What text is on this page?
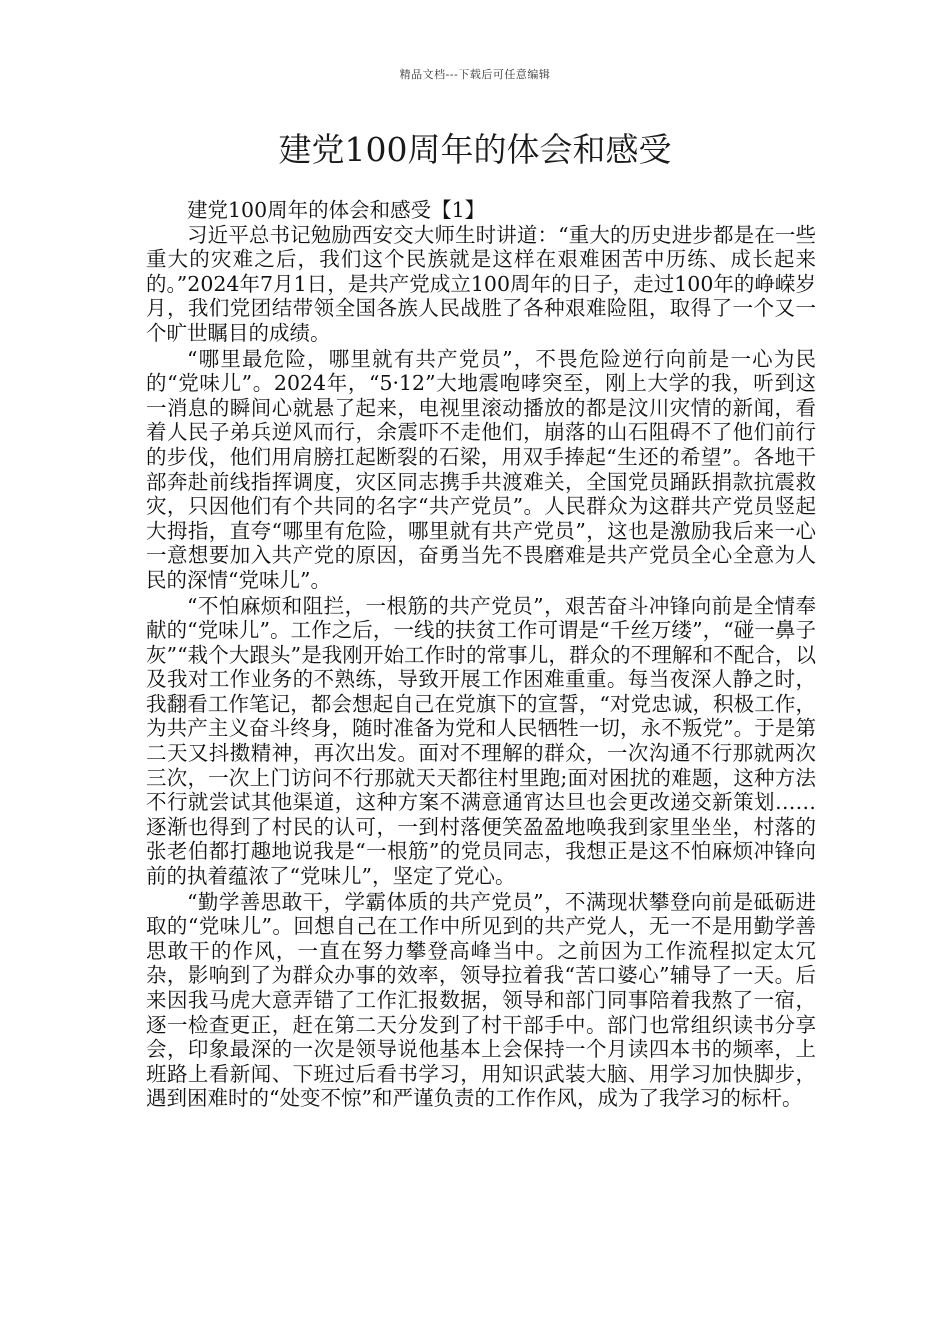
精品文档---下载后可任意编辑
建党100周年的体会和感受
建党100周年的体会和感受【1】

习近平总书记勉励西安交大师生时讲道：“重大的历史进步都是在一些重大的灾难之后，我们这个民族就是这样在艰难困苦中历练、成长起来的。”2024年7月1日，是共产党成立100周年的日子，走过100年的峥嵘岁月，我们党团结带领全国各族人民战胜了各种艰难险阻，取得了一个又一个旷世瞩目的成绩。

“哪里最危险，哪里就有共产党员”，不畏危险逆行向前是一心为民的“党味儿”。2024年，“5·12”大地震咆哮突至，刚上大学的我，听到这一消息的瞬间心就悬了起来，电视里滚动播放的都是汶川灾情的新闻，看着人民子弟兵逆风而行，余震吓不走他们，崩落的山石阻碍不了他们前行的步伐，他们用肩膀扛起断裂的石梁，用双手捧起“生还的希望”。各地干部奔赴前线指挥调度，灾区同志携手共渡难关，全国党员踊跃捐款抗震救灾，只因他们有个共同的名字“共产党员”。人民群众为这群共产党员竖起大拇指，直夸“哪里有危险，哪里就有共产党员”，这也是激励我后来一心一意想要加入共产党的原因，奋勇当先不畏磨难是共产党员全心全意为人民的深情“党味儿”。

“不怕麻烦和阻拦，一根筋的共产党员”，艰苦奋斗冲锋向前是全情奉献的“党味儿”。工作之后，一线的扶贫工作可谓是“千丝万缕”，“碰一鼻子灰”“栽个大跟头”是我刚开始工作时的常事儿，群众的不理解和不配合，以及我对工作业务的不熟练，导致开展工作困难重重。每当夜深人静之时，我翻看工作笔记，都会想起自己在党旗下的宣誓，“对党忠诚，积极工作，为共产主义奋斗终身，随时准备为党和人民牺牲一切，永不叛党”。于是第二天又抖擞精神，再次出发。面对不理解的群众，一次沟通不行那就两次三次，一次上门访问不行那就天天都往村里跑;面对困扰的难题，这种方法不行就尝试其他渠道，这种方案不满意通宵达旦也会更改递交新策划……逐渐也得到了村民的认可，一到村落便笑盈盈地唤我到家里坐坐，村落的张老伯都打趣地说我是“一根筋”的党员同志，我想正是这不怕麻烦冲锋向前的执着蕴浓了“党味儿”，坚定了党心。

“勤学善思敢干，学霸体质的共产党员”，不满现状攀登向前是砥砺进取的“党味儿”。回想自己在工作中所见到的共产党人，无一不是用勤学善思敢干的作风，一直在努力攀登高峰当中。之前因为工作流程拟定太冗杂，影响到了为群众办事的效率，领导拉着我“苦口婆心”辅导了一天。后来因我马虎大意弄错了工作汇报数据，领导和部门同事陪着我熬了一宿，逐一检查更正，赶在第二天分发到了村干部手中。部门也常组织读书分享会，印象最深的一次是领导说他基本上会保持一个月读四本书的频率，上班路上看新闻、下班过后看书学习，用知识武装大脑、用学习加快脚步，遇到困难时的“处变不惊”和严谨负责的工作作风，成为了我学习的标杆。
